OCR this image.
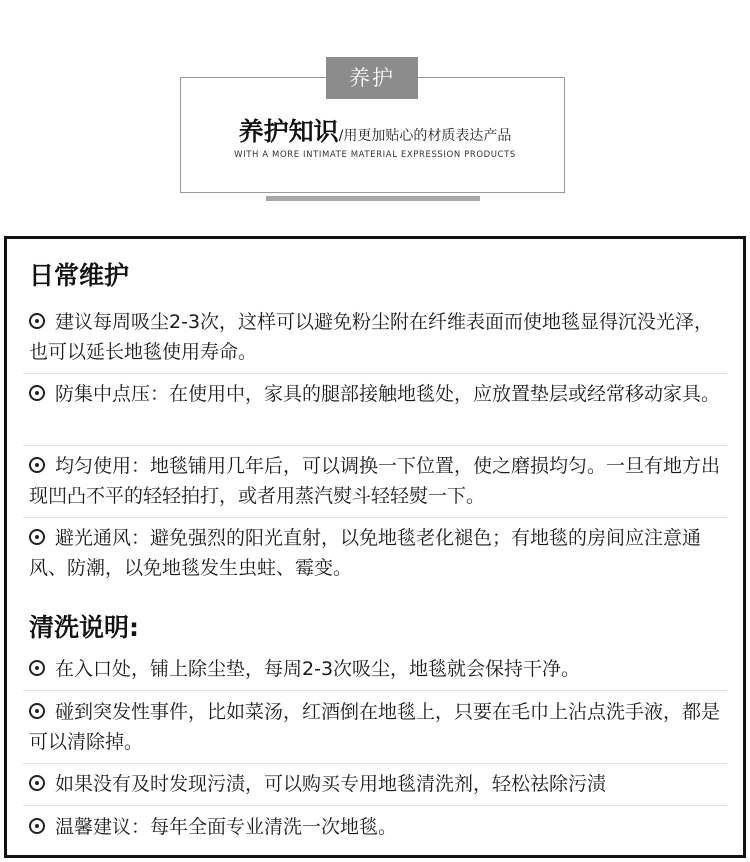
养护
养护知识/用更加贴心的材质表达产品
WITH A MORE INTIMATE MATERIAL EXPRESSION PRODUCTS
日常维护
建议每周吸尘2-3次，这样可以避免粉尘附在纤维表面而使地毯显得沉没光泽，也可以延长地毯使用寿命。
防集中点压：在使用中，家具的腿部接触地毯处，应放置垫层或经常移动家具。
均匀使用：地毯铺用几年后，可以调换一下位置，使之磨损均匀。一旦有地方出现凹凸不平的轻轻拍打，或者用蒸汽熨斗轻轻熨一下。
避光通风：避免强烈的阳光直射，以免地毯老化褪色；有地毯的房间应注意通风、防潮，以免地毯发生虫蛀、霉变。
清洗说明:
在入口处，铺上除尘垫，每周2-3次吸尘，地毯就会保持干净。
碰到突发性事件，比如菜汤，红酒倒在地毯上，只要在毛巾上沾点洗手液，都是可以清除掉。
如果没有及时发现污渍，可以购买专用地毯清洗剂，轻松祛除污渍
温馨建议：每年全面专业清洗一次地毯。
